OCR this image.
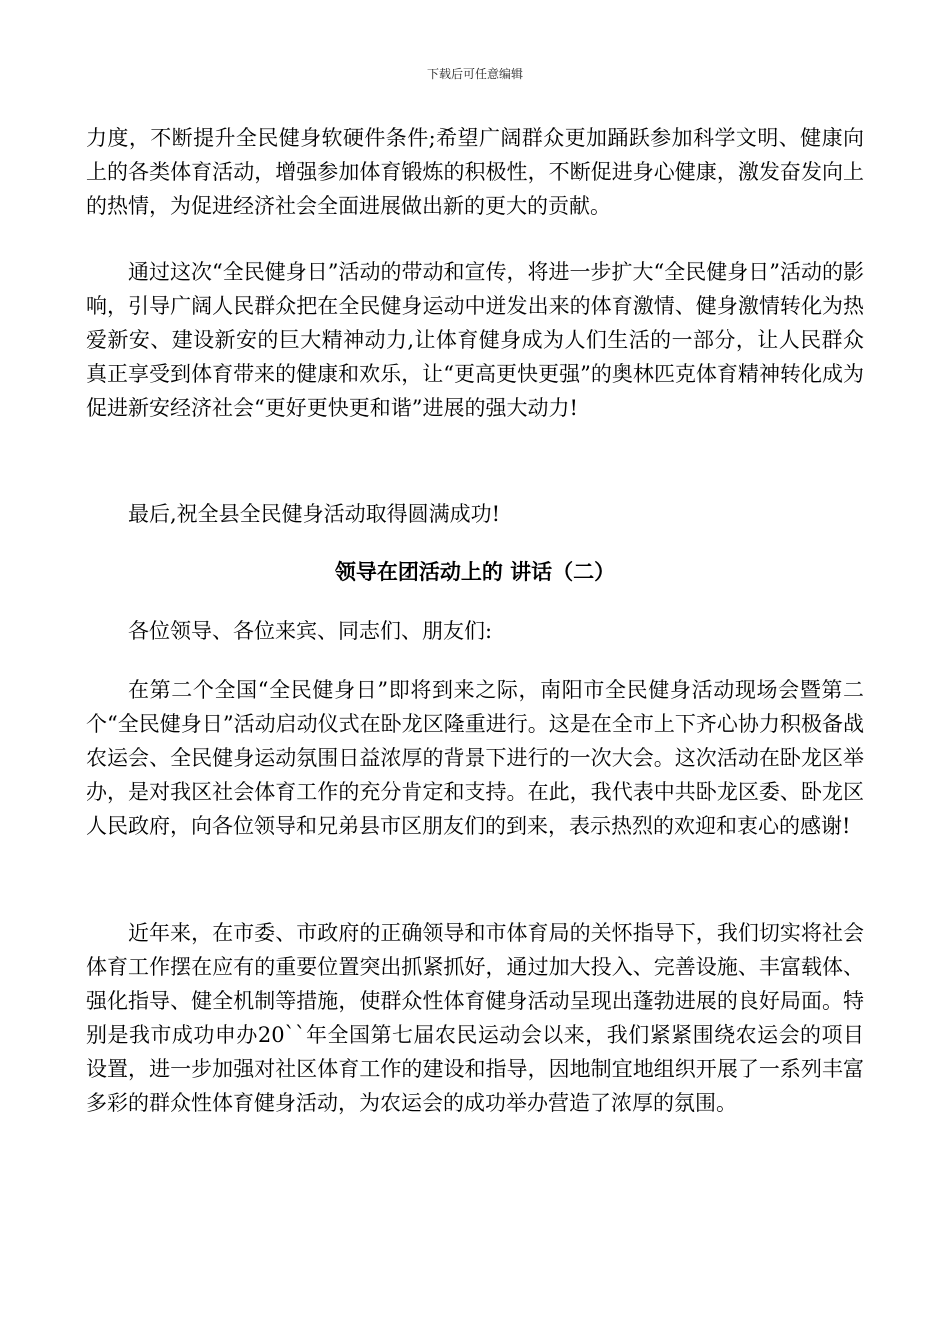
下载后可任意编辑

力度，不断提升全民健身软硬件条件;希望广阔群众更加踊跃参加科学文明、健康向上的各类体育活动，增强参加体育锻炼的积极性，不断促进身心健康，激发奋发向上的热情，为促进经济社会全面进展做出新的更大的贡献。

通过这次“全民健身日”活动的带动和宣传，将进一步扩大“全民健身日”活动的影响，引导广阔人民群众把在全民健身运动中迸发出来的体育激情、健身激情转化为热爱新安、建设新安的巨大精神动力,让体育健身成为人们生活的一部分，让人民群众真正享受到体育带来的健康和欢乐，让“更高更快更强”的奥林匹克体育精神转化成为促进新安经济社会“更好更快更和谐”进展的强大动力!

最后,祝全县全民健身活动取得圆满成功!

领导在团活动上的 讲话（二）

各位领导、各位来宾、同志们、朋友们:

在第二个全国“全民健身日”即将到来之际，南阳市全民健身活动现场会暨第二个“全民健身日”活动启动仪式在卧龙区隆重进行。这是在全市上下齐心协力积极备战农运会、全民健身运动氛围日益浓厚的背景下进行的一次大会。这次活动在卧龙区举办，是对我区社会体育工作的充分肯定和支持。在此，我代表中共卧龙区委、卧龙区人民政府，向各位领导和兄弟县市区朋友们的到来，表示热烈的欢迎和衷心的感谢!

近年来，在市委、市政府的正确领导和市体育局的关怀指导下，我们切实将社会体育工作摆在应有的重要位置突出抓紧抓好，通过加大投入、完善设施、丰富载体、强化指导、健全机制等措施，使群众性体育健身活动呈现出蓬勃进展的良好局面。特别是我市成功申办20``年全国第七届农民运动会以来，我们紧紧围绕农运会的项目设置，进一步加强对社区体育工作的建设和指导，因地制宜地组织开展了一系列丰富多彩的群众性体育健身活动，为农运会的成功举办营造了浓厚的氛围。
